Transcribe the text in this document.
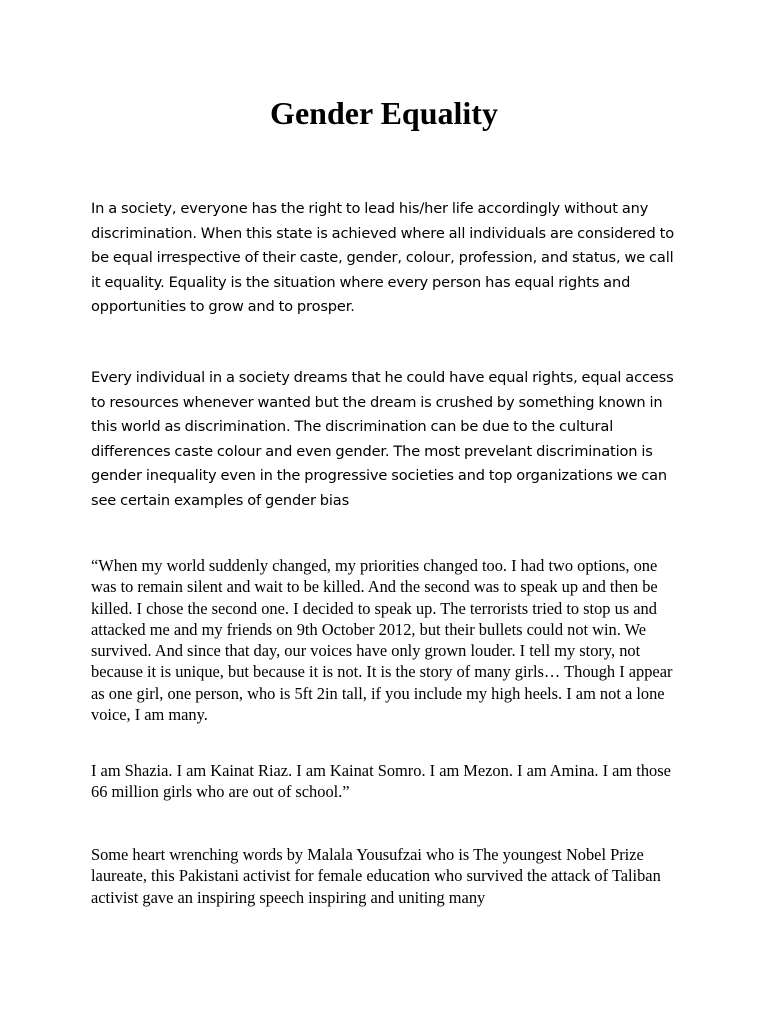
Gender Equality

In a society, everyone has the right to lead his/her life accordingly without any discrimination. When this state is achieved where all individuals are considered to be equal irrespective of their caste, gender, colour, profession, and status, we call it equality. Equality is the situation where every person has equal rights and opportunities to grow and to prosper.

Every individual in a society dreams that he could have equal rights, equal access to resources whenever wanted but the dream is crushed by something known in this world as discrimination. The discrimination can be due to the cultural differences caste colour and even gender. The most prevelant discrimination is gender inequality even in the progressive societies and top organizations we can see certain examples of gender bias

“When my world suddenly changed, my priorities changed too. I had two options, one was to remain silent and wait to be killed. And the second was to speak up and then be killed. I chose the second one. I decided to speak up. The terrorists tried to stop us and attacked me and my friends on 9th October 2012, but their bullets could not win. We survived. And since that day, our voices have only grown louder. I tell my story, not because it is unique, but because it is not. It is the story of many girls… Though I appear as one girl, one person, who is 5ft 2in tall, if you include my high heels. I am not a lone voice, I am many.

I am Shazia. I am Kainat Riaz. I am Kainat Somro. I am Mezon. I am Amina. I am those 66 million girls who are out of school.”

Some heart wrenching words by Malala Yousufzai who is The youngest Nobel Prize laureate, this Pakistani activist for female education who survived the attack of Taliban activist gave an inspiring speech inspiring and uniting many
